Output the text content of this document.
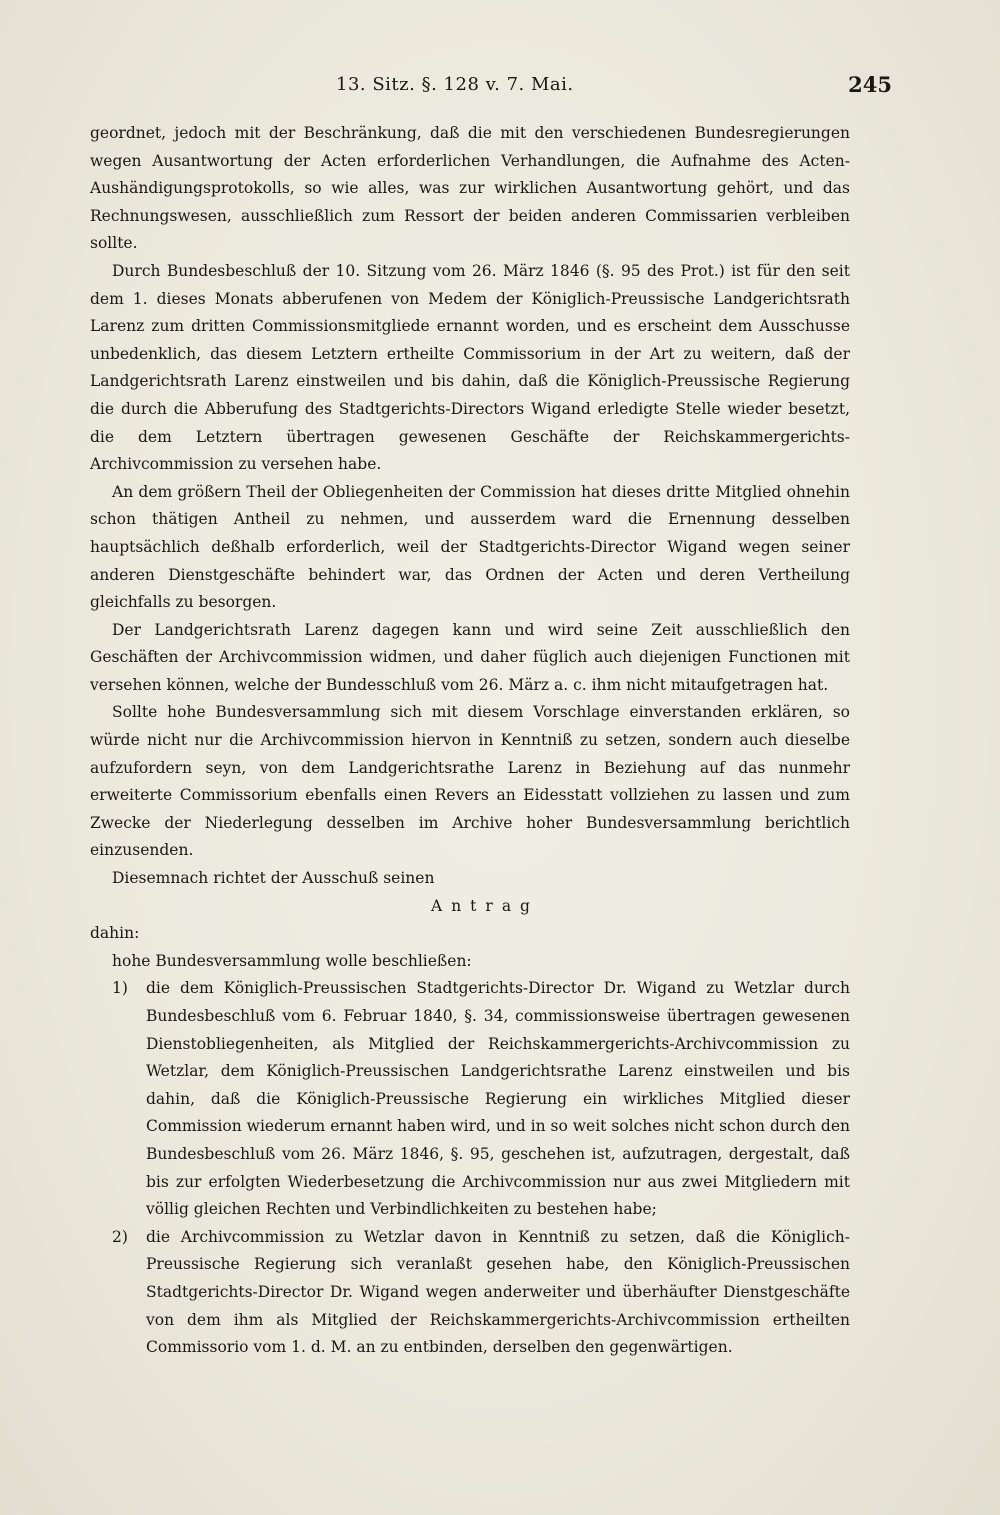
13. Sitz. §. 128 v. 7. Mai.	245

geordnet, jedoch mit der Beschränkung, daß die mit den verschiedenen Bundesregierungen wegen Ausantwortung der Acten erforderlichen Verhandlungen, die Aufnahme des Acten-Aushändigungsprotokolls, so wie alles, was zur wirklichen Ausantwortung gehört, und das Rechnungswesen, ausschließlich zum Ressort der beiden anderen Commissarien verbleiben sollte.

Durch Bundesbeschluß der 10. Sitzung vom 26. März 1846 (§. 95 des Prot.) ist für den seit dem 1. dieses Monats abberufenen von Medem der Königlich-Preussische Landgerichtsrath Larenz zum dritten Commissionsmitgliede ernannt worden, und es erscheint dem Ausschusse unbedenklich, das diesem Letztern ertheilte Commissorium in der Art zu weitern, daß der Landgerichtsrath Larenz einstweilen und bis dahin, daß die Königlich-Preussische Regierung die durch die Abberufung des Stadtgerichts-Directors Wigand erledigte Stelle wieder besetzt, die dem Letztern übertragen gewesenen Geschäfte der Reichskammergerichts-Archivcommission zu versehen habe.

An dem größern Theil der Obliegenheiten der Commission hat dieses dritte Mitglied ohnehin schon thätigen Antheil zu nehmen, und ausserdem ward die Ernennung desselben hauptsächlich deßhalb erforderlich, weil der Stadtgerichts-Director Wigand wegen seiner anderen Dienstgeschäfte behindert war, das Ordnen der Acten und deren Vertheilung gleichfalls zu besorgen.

Der Landgerichtsrath Larenz dagegen kann und wird seine Zeit ausschließlich den Geschäften der Archivcommission widmen, und daher füglich auch diejenigen Functionen mit versehen können, welche der Bundesschluß vom 26. März a. c. ihm nicht mitaufgetragen hat.

Sollte hohe Bundesversammlung sich mit diesem Vorschlage einverstanden erklären, so würde nicht nur die Archivcommission hiervon in Kenntniß zu setzen, sondern auch dieselbe aufzufordern seyn, von dem Landgerichtsrathe Larenz in Beziehung auf das nunmehr erweiterte Commissorium ebenfalls einen Revers an Eidesstatt vollziehen zu lassen und zum Zwecke der Niederlegung desselben im Archive hoher Bundesversammlung berichtlich einzusenden.

Diesemnach richtet der Ausschuß seinen

Antrag

dahin:

hohe Bundesversammlung wolle beschließen:

1)	die dem Königlich-Preussischen Stadtgerichts-Director Dr. Wigand zu Wetzlar durch Bundesbeschluß vom 6. Februar 1840, §. 34, commissionsweise übertragen gewesenen Dienstobliegenheiten, als Mitglied der Reichskammergerichts-Archivcommission zu Wetzlar, dem Königlich-Preussischen Landgerichtsrathe Larenz einstweilen und bis dahin, daß die Königlich-Preussische Regierung ein wirkliches Mitglied dieser Commission wiederum ernannt haben wird, und in so weit solches nicht schon durch den Bundesbeschluß vom 26. März 1846, §. 95, geschehen ist, aufzutragen, dergestalt, daß bis zur erfolgten Wiederbesetzung die Archivcommission nur aus zwei Mitgliedern mit völlig gleichen Rechten und Verbindlichkeiten zu bestehen habe;
2)	die Archivcommission zu Wetzlar davon in Kenntniß zu setzen, daß die Königlich-Preussische Regierung sich veranlaßt gesehen habe, den Königlich-Preussischen Stadtgerichts-Director Dr. Wigand wegen anderweiter und überhäufter Dienstgeschäfte von dem ihm als Mitglied der Reichskammergerichts-Archivcommission ertheilten Commissorio vom 1. d. M. an zu entbinden, derselben den gegenwärtigen.
